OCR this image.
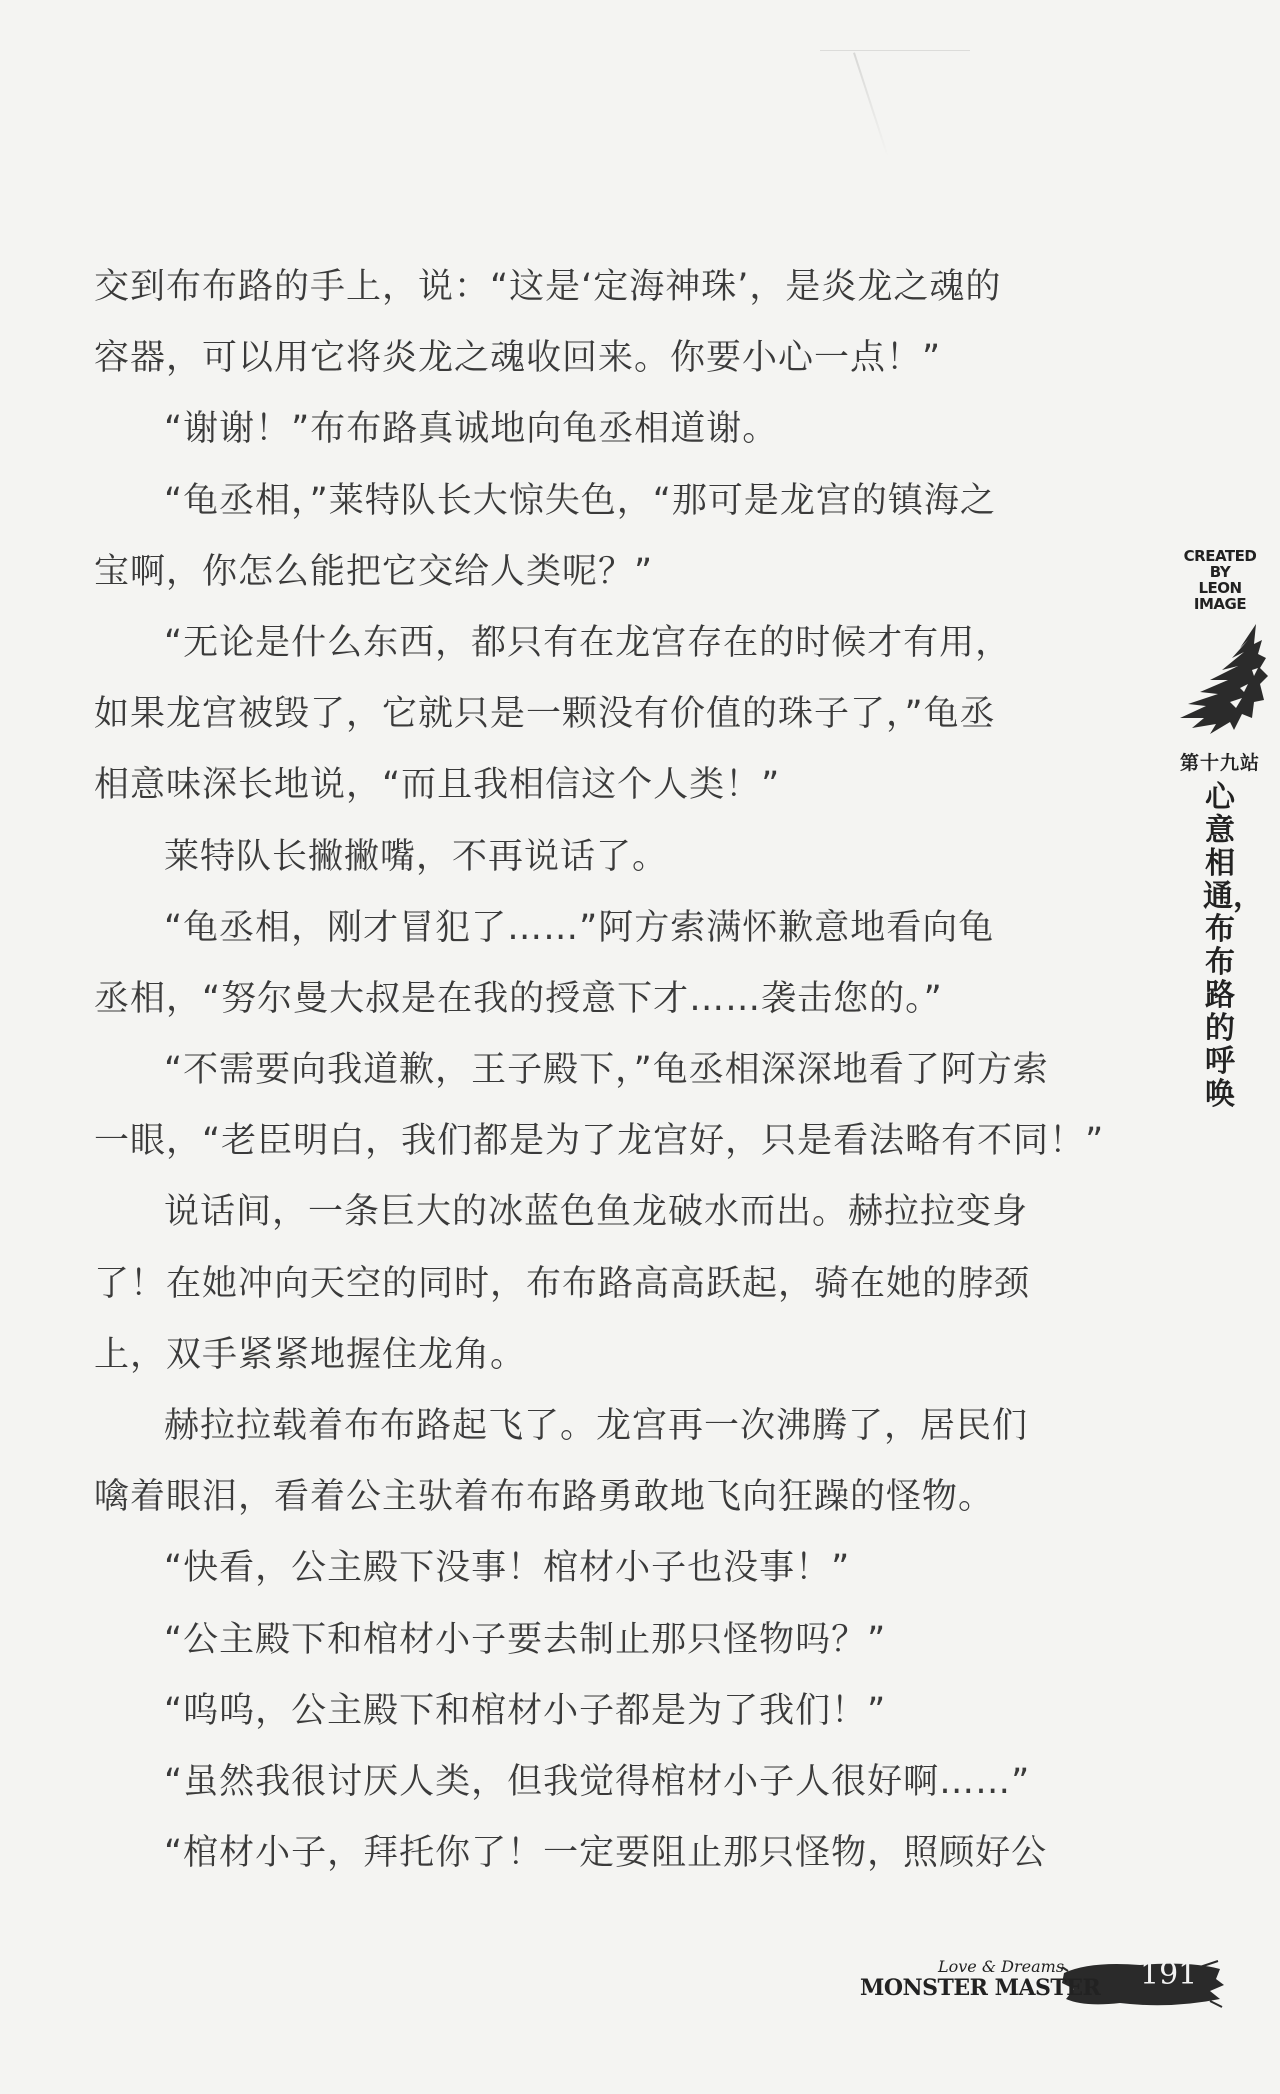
交到布布路的手上，说：“这是‘定海神珠’，是炎龙之魂的
容器，可以用它将炎龙之魂收回来。你要小心一点！”
“谢谢！”布布路真诚地向龟丞相道谢。
“龟丞相，”莱特队长大惊失色，“那可是龙宫的镇海之
宝啊，你怎么能把它交给人类呢？”
“无论是什么东西，都只有在龙宫存在的时候才有用，
如果龙宫被毁了，它就只是一颗没有价值的珠子了，”龟丞
相意味深长地说，“而且我相信这个人类！”
莱特队长撇撇嘴，不再说话了。
“龟丞相，刚才冒犯了……”阿方索满怀歉意地看向龟
丞相，“努尔曼大叔是在我的授意下才……袭击您的。”
“不需要向我道歉，王子殿下，”龟丞相深深地看了阿方索
一眼，“老臣明白，我们都是为了龙宫好，只是看法略有不同！”
说话间，一条巨大的冰蓝色鱼龙破水而出。赫拉拉变身
了！在她冲向天空的同时，布布路高高跃起，骑在她的脖颈
上，双手紧紧地握住龙角。
赫拉拉载着布布路起飞了。龙宫再一次沸腾了，居民们
噙着眼泪，看着公主驮着布布路勇敢地飞向狂躁的怪物。
“快看，公主殿下没事！棺材小子也没事！”
“公主殿下和棺材小子要去制止那只怪物吗？”
“呜呜，公主殿下和棺材小子都是为了我们！”
“虽然我很讨厌人类，但我觉得棺材小子人很好啊……”
“棺材小子，拜托你了！一定要阻止那只怪物，照顾好公
CREATED
BY
LEON
IMAGE
第十九站
心意相通，布布路的呼唤
Love & Dreams
MONSTER MASTER 191
